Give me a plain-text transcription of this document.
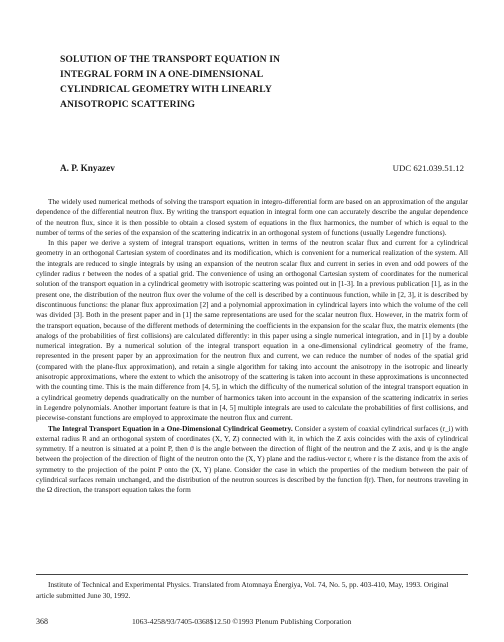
SOLUTION OF THE TRANSPORT EQUATION IN
INTEGRAL FORM IN A ONE-DIMENSIONAL
CYLINDRICAL GEOMETRY WITH LINEARLY
ANISOTROPIC SCATTERING

A. P. Knyazev	UDC 621.039.51.12

The widely used numerical methods of solving the transport equation in integro-differential form are based on an approximation of the angular dependence of the differential neutron flux. By writing the transport equation in integral form one can accurately describe the angular dependence of the neutron flux, since it is then possible to obtain a closed system of equations in the flux harmonics, the number of which is equal to the number of terms of the series of the expansion of the scattering indicatrix in an orthogonal system of functions (usually Legendre functions).

In this paper we derive a system of integral transport equations, written in terms of the neutron scalar flux and current for a cylindrical geometry in an orthogonal Cartesian system of coordinates and its modification, which is convenient for a numerical realization of the system. All the integrals are reduced to single integrals by using an expansion of the neutron scalar flux and current in series in even and odd powers of the cylinder radius r between the nodes of a spatial grid. The convenience of using an orthogonal Cartesian system of coordinates for the numerical solution of the transport equation in a cylindrical geometry with isotropic scattering was pointed out in [1-3]. In a previous publication [1], as in the present one, the distribution of the neutron flux over the volume of the cell is described by a continuous function, while in [2, 3], it is described by discontinuous functions: the planar flux approximation [2] and a polynomial approximation in cylindrical layers into which the volume of the cell was divided [3]. Both in the present paper and in [1] the same representations are used for the scalar neutron flux. However, in the matrix form of the transport equation, because of the different methods of determining the coefficients in the expansion for the scalar flux, the matrix elements (the analogs of the probabilities of first collisions) are calculated differently: in this paper using a single numerical integration, and in [1] by a double numerical integration. By a numerical solution of the integral transport equation in a one-dimensional cylindrical geometry of the frame, represented in the present paper by an approximation for the neutron flux and current, we can reduce the number of nodes of the spatial grid (compared with the plane-flux approximation), and retain a single algorithm for taking into account the anisotropy in the isotropic and linearly anisotropic approximations, where the extent to which the anisotropy of the scattering is taken into account in these approximations is unconnected with the counting time. This is the main difference from [4, 5], in which the difficulty of the numerical solution of the integral transport equation in a cylindrical geometry depends quadratically on the number of harmonics taken into account in the expansion of the scattering indicatrix in series in Legendre polynomials. Another important feature is that in [4, 5] multiple integrals are used to calculate the probabilities of first collisions, and piecewise-constant functions are employed to approximate the neutron flux and current.

The Integral Transport Equation in a One-Dimensional Cylindrical Geometry. Consider a system of coaxial cylindrical surfaces (r_i) with external radius R and an orthogonal system of coordinates (X, Y, Z) connected with it, in which the Z axis coincides with the axis of cylindrical symmetry. If a neutron is situated at a point P, then ϑ is the angle between the direction of flight of the neutron and the Z axis, and ψ is the angle between the projection of the direction of flight of the neutron onto the (X, Y) plane and the radius-vector r, where r is the distance from the axis of symmetry to the projection of the point P onto the (X, Y) plane. Consider the case in which the properties of the medium between the pair of cylindrical surfaces remain unchanged, and the distribution of the neutron sources is described by the function f(r). Then, for neutrons traveling in the Ω direction, the transport equation takes the form

Institute of Technical and Experimental Physics. Translated from Atomnaya Énergiya, Vol. 74, No. 5, pp. 403-410, May, 1993. Original article submitted June 30, 1992.

368	1063-4258/93/7405-0368$12.50 ©1993 Plenum Publishing Corporation
